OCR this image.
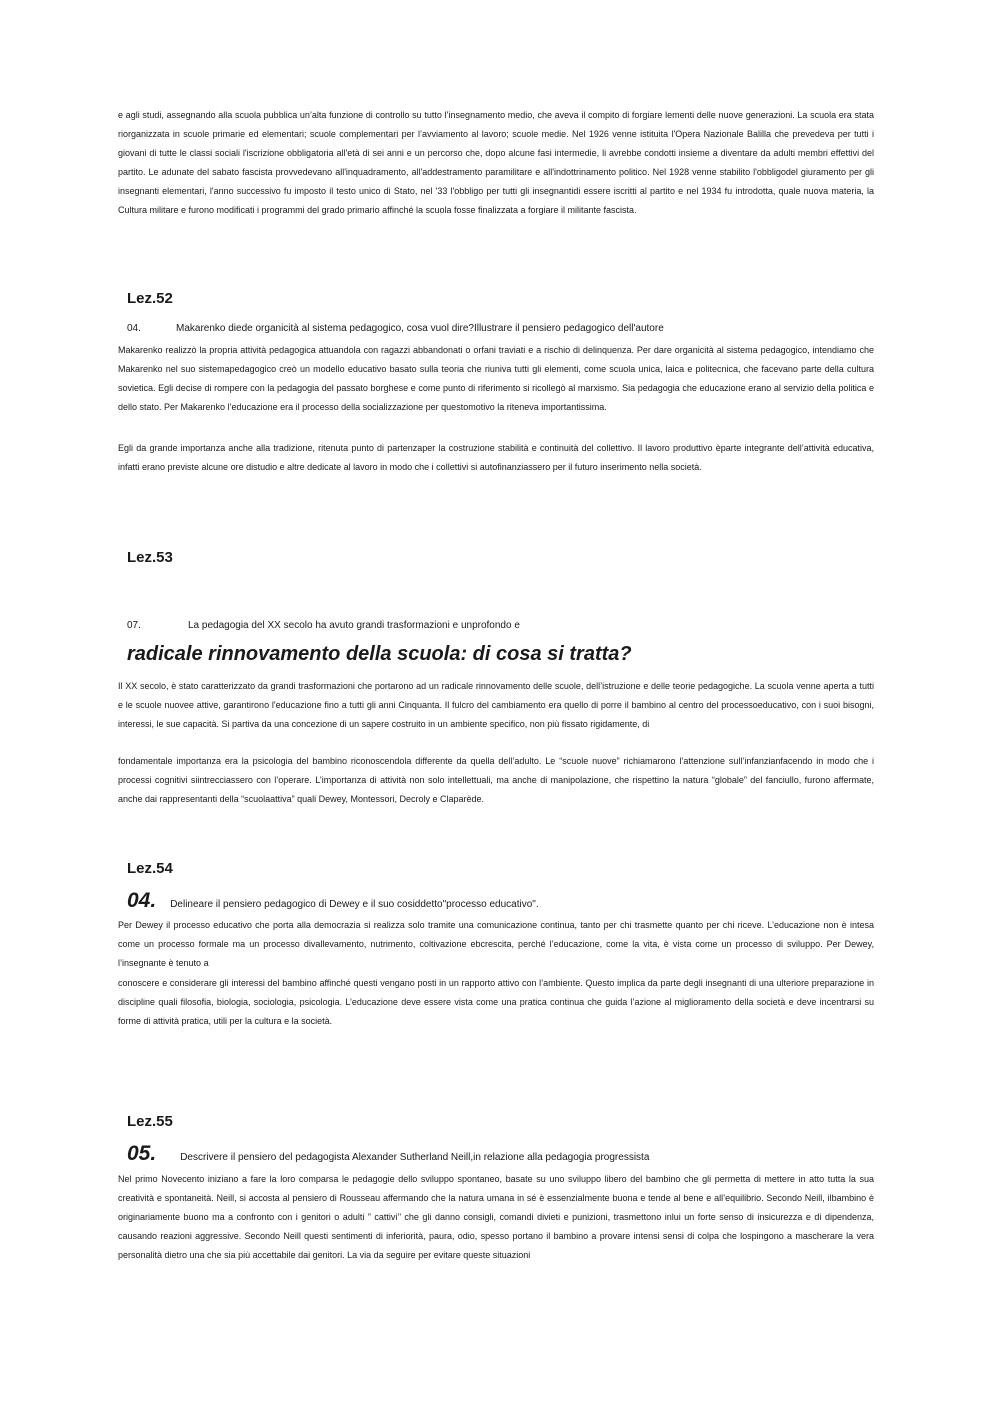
e agli studi, assegnando alla scuola pubblica un’alta funzione di controllo su tutto l’insegnamento medio, che aveva il compito di forgiare lementi delle nuove generazioni. La scuola era stata riorganizzata in scuole primarie ed elementari; scuole complementari per l’avviamento al lavoro; scuole medie. Nel 1926 venne istituita l'Opera Nazionale Balilla che prevedeva per tutti i giovani di tutte le classi sociali l'iscrizione obbligatoria all'età di sei anni e un percorso che, dopo alcune fasi intermedie, li avrebbe condotti insieme a diventare da adulti membri effettivi del partito. Le adunate del sabato fascista provvedevano all'inquadramento, all'addestramento paramilitare e all'indottrinamento politico. Nel 1928 venne stabilito l'obbligodel giuramento per gli insegnanti elementari, l'anno successivo fu imposto il testo unico di Stato, nel '33 l'obbligo per tutti gli insegnantidi essere iscritti al partito e nel 1934 fu introdotta, quale nuova materia, la Cultura militare e furono modificati i programmi del grado primario affinché la scuola fosse finalizzata a forgiare il militante fascista.

Lez.52

04.	Makarenko diede organicità al sistema pedagogico, cosa vuol dire?Illustrare il pensiero pedagogico dell'autore

Makarenko realizzò la propria attività pedagogica attuandola con ragazzi abbandonati o orfani traviati e a rischio di delinquenza. Per dare organicità al sistema pedagogico, intendiamo che Makarenko nel suo sistemapedagogico creò un modello educativo basato sulla teoria che riuniva tutti gli elementi, come scuola unica, laica e politecnica, che facevano parte della cultura sovietica. Egli decise di rompere con la pedagogia del passato borghese e come punto di riferimento si ricollegò al marxismo. Sia pedagogia che educazione erano al servizio della politica e dello stato. Per Makarenko l’educazione era il processo della socializzazione per questomotivo la riteneva importantissima.

Egli da grande importanza anche alla tradizione, ritenuta punto di partenzaper la costruzione stabilità e continuità del collettivo. Il lavoro produttivo èparte integrante dell’attività educativa, infatti erano previste alcune ore distudio e altre dedicate al lavoro in modo che i collettivi si autofinanziassero per il futuro inserimento nella società.

Lez.53

07.	La pedagogia del XX secolo ha avuto grandi trasformazioni e unprofondo e

radicale rinnovamento della scuola: di cosa si tratta?

Il XX secolo, è stato caratterizzato da grandi trasformazioni che portarono ad un radicale rinnovamento delle scuole, dell’istruzione e delle teorie pedagogiche. La scuola venne aperta a tutti e le scuole nuovee attive, garantirono l'educazione fino a tutti gli anni Cinquanta. Il fulcro del cambiamento era quello di porre il bambino al centro del processoeducativo, con i suoi bisogni, interessi, le sue capacità. Si partiva da una concezione di un sapere costruito in un ambiente specifico, non più fissato rigidamente, di

fondamentale importanza era la psicologia del bambino riconoscendola differente da quella dell’adulto. Le “scuole nuove” richiamarono l’attenzione sull’infanzianfacendo in modo che i processi cognitivi siintrecciassero con l’operare. L’importanza di attività non solo intellettuali, ma anche di manipolazione, che rispettino la natura “globale” del fanciullo, furono affermate, anche dai rappresentanti della “scuolaattiva” quali Dewey, Montessori, Decroly e Claparède.

Lez.54

04. Delineare il pensiero pedagogico di Dewey e il suo cosiddetto"processo educativo".

Per Dewey il processo educativo che porta alla democrazia si realizza solo tramite una comunicazione continua, tanto per chi trasmette quanto per chi riceve. L’educazione non è intesa come un processo formale ma un processo divallevamento, nutrimento, coltivazione ebcrescita, perché l’educazione, come la vita, è vista come un processo di sviluppo. Per Dewey, l’insegnante è tenuto a

conoscere e considerare gli interessi del bambino affinché questi vengano posti in un rapporto attivo con l’ambiente. Questo implica da parte degli insegnanti di una ulteriore preparazione in discipline quali filosofia, biologia, sociologia, psicologia. L’educazione deve essere vista come una pratica continua che guida l’azione al miglioramento della società e deve incentrarsi su forme di attività pratica, utili per la cultura e la società.

Lez.55

05. Descrivere il pensiero del pedagogista Alexander Sutherland Neill,in relazione alla pedagogia progressista

Nel primo Novecento iniziano a fare la loro comparsa le pedagogie dello sviluppo spontaneo, basate su uno sviluppo libero del bambino che gli permetta di mettere in atto tutta la sua creatività e spontaneità. Neill, si accosta al pensiero di Rousseau affermando che la natura umana in sé è essenzialmente buona e tende al bene e all’equilibrio. Secondo Neill, ilbambino è originariamente buono ma a confronto con i genitori o adulti ” cattivi’’ che gli danno consigli, comandi divieti e punizioni, trasmettono inlui un forte senso di insicurezza e di dipendenza, causando reazioni aggressive. Secondo Neill questi sentimenti di inferiorità, paura, odio, spesso portano il bambino a provare intensi sensi di colpa che lospingono a mascherare la vera personalità dietro una che sia più accettabile dai genitori. La via da seguire per evitare queste situazioni
